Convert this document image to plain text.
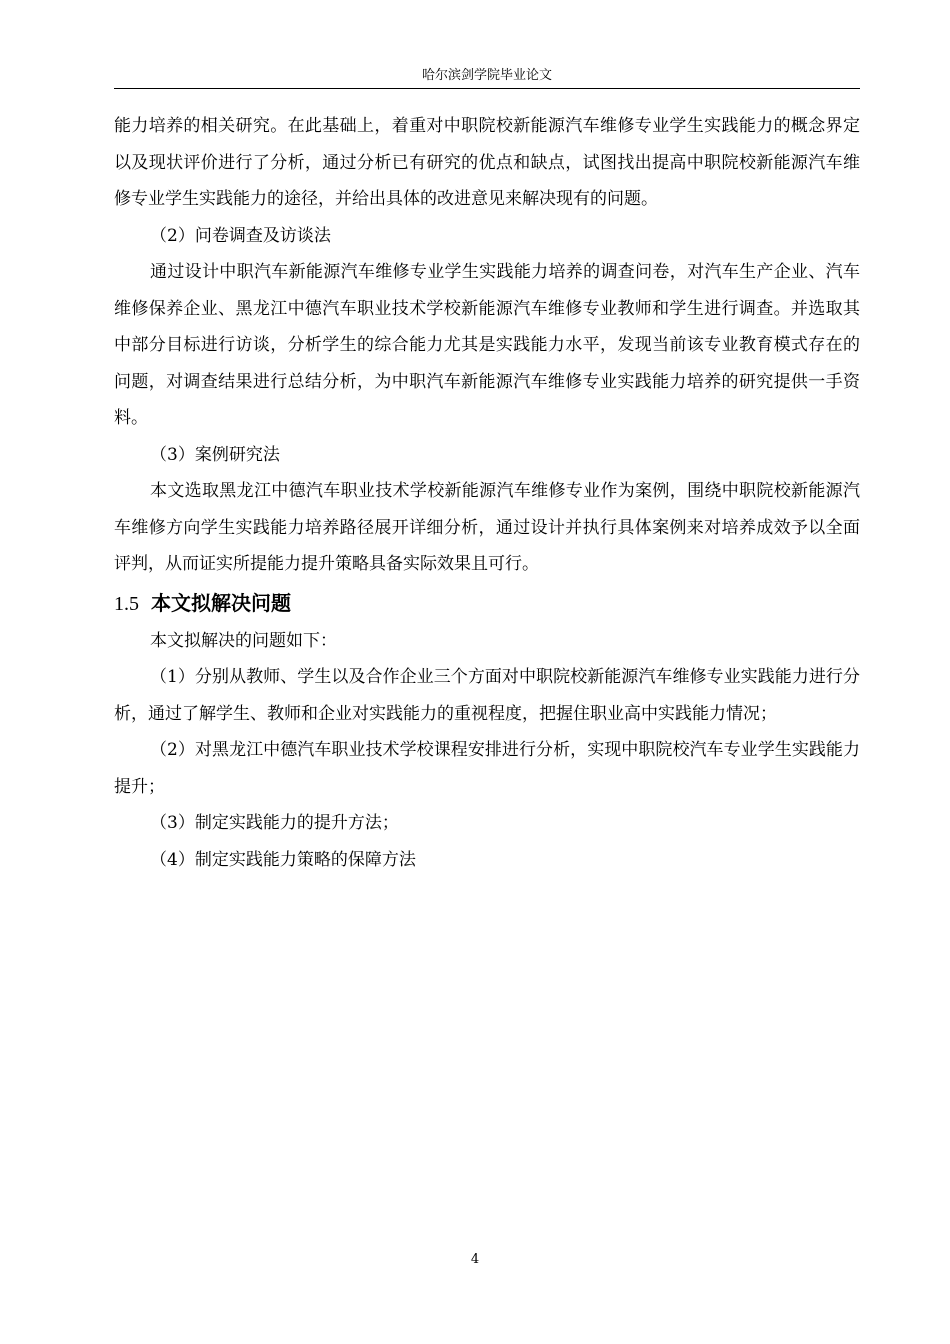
哈尔滨剑学院毕业论文

能力培养的相关研究。在此基础上，着重对中职院校新能源汽车维修专业学生实践能力的概念界定以及现状评价进行了分析，通过分析已有研究的优点和缺点，试图找出提高中职院校新能源汽车维修专业学生实践能力的途径，并给出具体的改进意见来解决现有的问题。

（2）问卷调查及访谈法

通过设计中职汽车新能源汽车维修专业学生实践能力培养的调查问卷，对汽车生产企业、汽车维修保养企业、黑龙江中德汽车职业技术学校新能源汽车维修专业教师和学生进行调查。并选取其中部分目标进行访谈，分析学生的综合能力尤其是实践能力水平，发现当前该专业教育模式存在的问题，对调查结果进行总结分析，为中职汽车新能源汽车维修专业实践能力培养的研究提供一手资料。

（3）案例研究法

本文选取黑龙江中德汽车职业技术学校新能源汽车维修专业作为案例，围绕中职院校新能源汽车维修方向学生实践能力培养路径展开详细分析，通过设计并执行具体案例来对培养成效予以全面评判，从而证实所提能力提升策略具备实际效果且可行。

1.5 本文拟解决问题

本文拟解决的问题如下：

（1）分别从教师、学生以及合作企业三个方面对中职院校新能源汽车维修专业实践能力进行分析，通过了解学生、教师和企业对实践能力的重视程度，把握住职业高中实践能力情况；

（2）对黑龙江中德汽车职业技术学校课程安排进行分析，实现中职院校汽车专业学生实践能力提升；

（3）制定实践能力的提升方法；

（4）制定实践能力策略的保障方法

4
